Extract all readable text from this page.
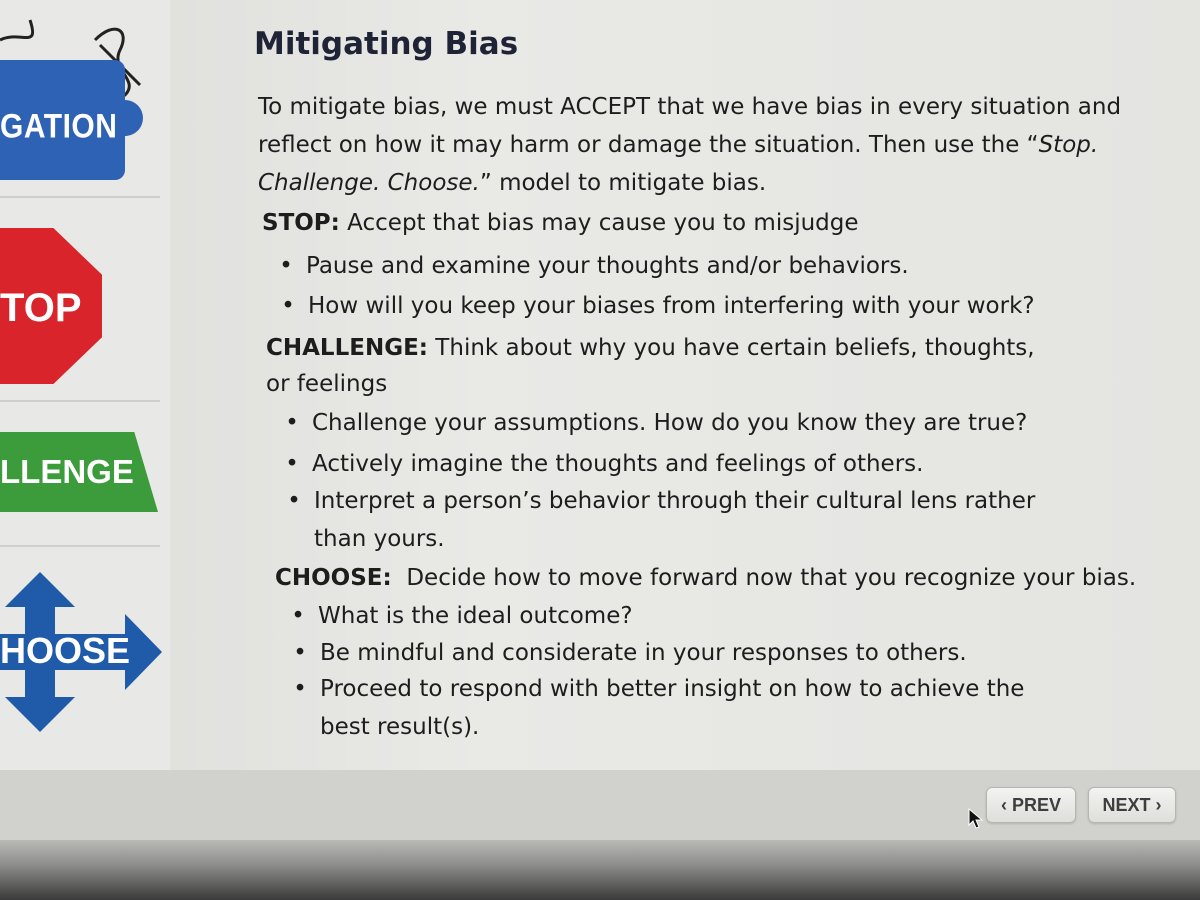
GATION
TOP
LLENGE
HOOSE
Mitigating Bias

To mitigate bias, we must ACCEPT that we have bias in every situation and
reflect on how it may harm or damage the situation. Then use the “Stop.
Challenge. Choose.” model to mitigate bias.

STOP: Accept that bias may cause you to misjudge

• Pause and examine your thoughts and/or behaviors.

• How will you keep your biases from interfering with your work?

CHALLENGE: Think about why you have certain beliefs, thoughts,
or feelings

• Challenge your assumptions. How do you know they are true?

• Actively imagine the thoughts and feelings of others.

• Interpret a person’s behavior through their cultural lens rather
than yours.

CHOOSE:  Decide how to move forward now that you recognize your bias.

• What is the ideal outcome?

• Be mindful and considerate in your responses to others.

• Proceed to respond with better insight on how to achieve the
best result(s).

‹ PREV	NEXT ›
